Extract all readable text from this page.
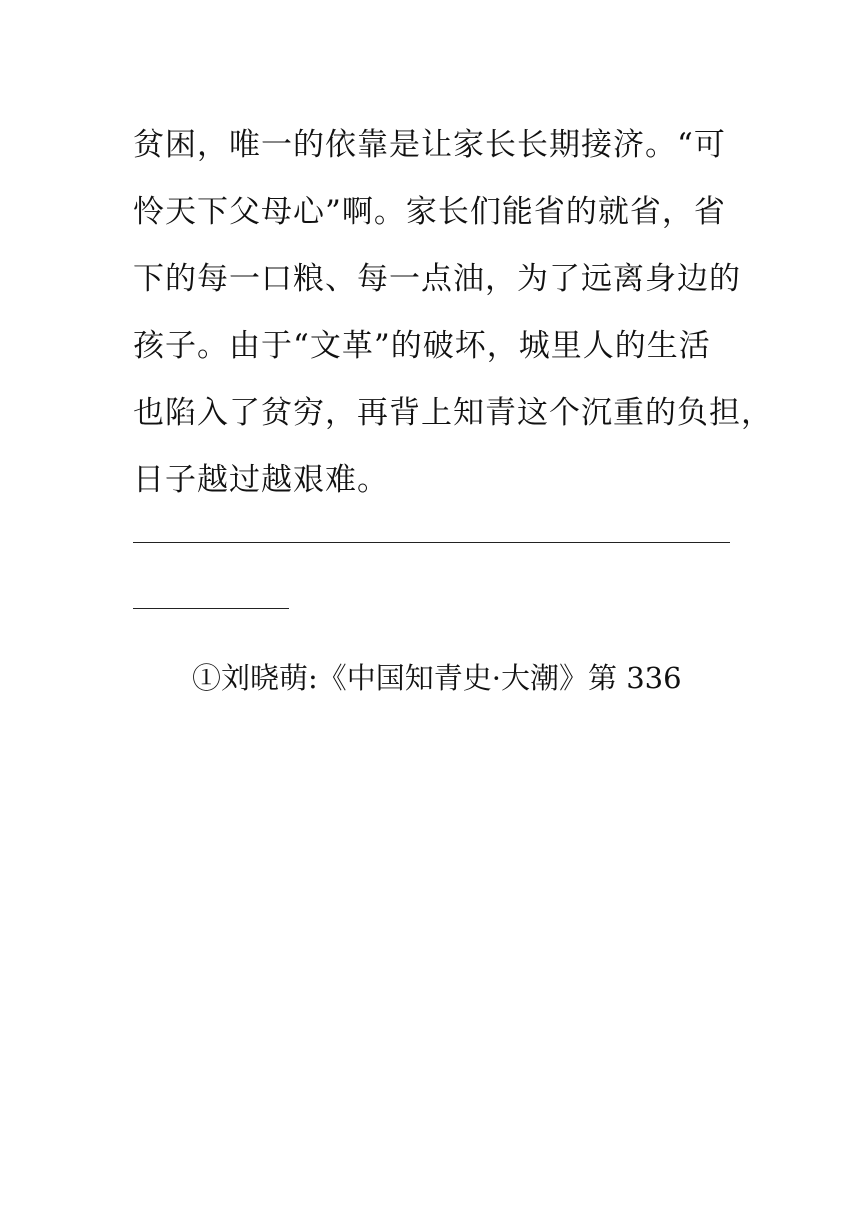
贫困，唯一的依靠是让家长长期接济。“可
怜天下父母心”啊。家长们能省的就省，省
下的每一口粮、每一点油，为了远离身边的
孩子。由于“文革”的破坏，城里人的生活
也陷入了贫穷，再背上知青这个沉重的负担，
日子越过越艰难。
①刘晓萌:《中国知青史·大潮》第 336
